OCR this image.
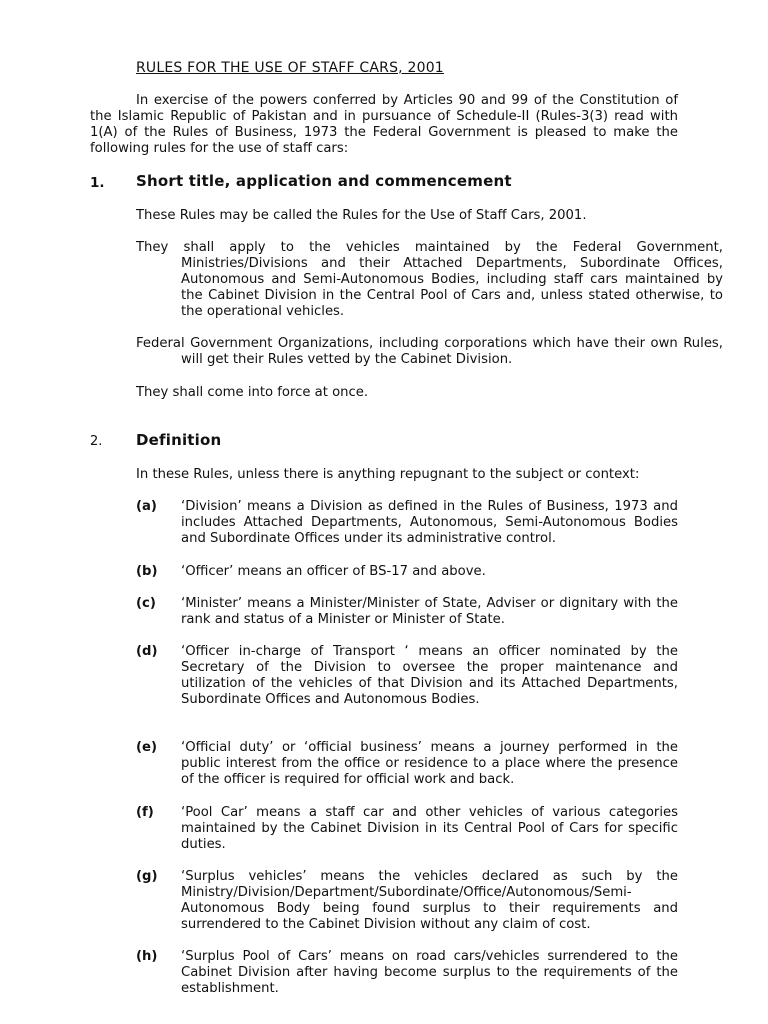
RULES FOR THE USE OF STAFF CARS, 2001
In exercise of the powers conferred by Articles 90 and 99 of the Constitution of the Islamic Republic of Pakistan and in pursuance of Schedule-II (Rules-3(3) read with 1(A) of the Rules of Business, 1973 the Federal Government is pleased to make the following rules for the use of staff cars:
1. Short title, application and commencement
These Rules may be called the Rules for the Use of Staff Cars, 2001.
They shall apply to the vehicles maintained by the Federal Government, Ministries/Divisions and their Attached Departments, Subordinate Offices, Autonomous and Semi-Autonomous Bodies, including staff cars maintained by the Cabinet Division in the Central Pool of Cars and, unless stated otherwise, to the operational vehicles.
Federal Government Organizations, including corporations which have their own Rules, will get their Rules vetted by the Cabinet Division.
They shall come into force at once.
2. Definition
In these Rules, unless there is anything repugnant to the subject or context:
(a) ‘Division’ means a Division as defined in the Rules of Business, 1973 and includes Attached Departments, Autonomous, Semi-Autonomous Bodies and Subordinate Offices under its administrative control.
(b) ‘Officer’ means an officer of BS-17 and above.
(c) ‘Minister’ means a Minister/Minister of State, Adviser or dignitary with the rank and status of a Minister or Minister of State.
(d) ‘Officer in-charge of Transport ‘ means an officer nominated by the Secretary of the Division to oversee the proper maintenance and utilization of the vehicles of that Division and its Attached Departments, Subordinate Offices and Autonomous Bodies.
(e) ‘Official duty’ or ‘official business’ means a journey performed in the public interest from the office or residence to a place where the presence of the officer is required for official work and back.
(f) ‘Pool Car’ means a staff car and other vehicles of various categories maintained by the Cabinet Division in its Central Pool of Cars for specific duties.
(g) ‘Surplus vehicles’ means the vehicles declared as such by the Ministry/Division/Department/Subordinate/Office/Autonomous/Semi-Autonomous Body being found surplus to their requirements and surrendered to the Cabinet Division without any claim of cost.
(h) ‘Surplus Pool of Cars’ means on road cars/vehicles surrendered to the Cabinet Division after having become surplus to the requirements of the establishment.
